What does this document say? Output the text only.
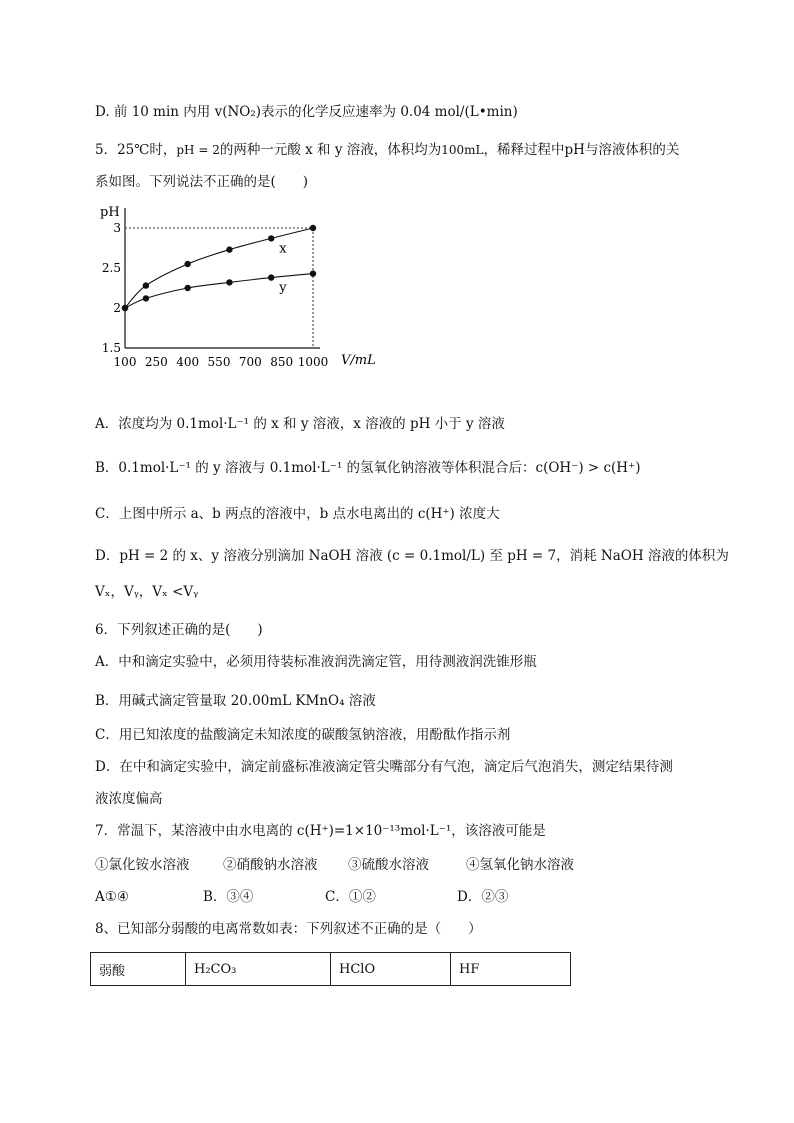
D. 前 10 min 内用 v(NO₂)表示的化学反应速率为 0.04 mol/(L•min)
5．25℃时，pH = 2的两种一元酸 x 和 y 溶液，体积均为100mL，稀释过程中pH与溶液体积的关
系如图。下列说法不正确的是(　　)
pH
V/mL
100 250 400 550 700 850 1000
1.5
2
2.5
3
x
y
A．浓度均为 0.1mol·L⁻¹ 的 x 和 y 溶液，x 溶液的 pH 小于 y 溶液
B．0.1mol·L⁻¹ 的 y 溶液与 0.1mol·L⁻¹ 的氢氧化钠溶液等体积混合后：c(OH⁻) > c(H⁺)
C．上图中所示 a、b 两点的溶液中，b 点水电离出的 c(H⁺) 浓度大
D．pH = 2 的 x、y 溶液分别滴加 NaOH 溶液 (c = 0.1mol/L) 至 pH = 7，消耗 NaOH 溶液的体积为
Vₓ，Vᵧ，Vₓ <Vᵧ
6．下列叙述正确的是(　　)
A．中和滴定实验中，必须用待装标准液润洗滴定管，用待测液润洗锥形瓶
B．用碱式滴定管量取 20.00mL KMnO₄ 溶液
C．用已知浓度的盐酸滴定未知浓度的碳酸氢钠溶液，用酚酞作指示剂
D．在中和滴定实验中，滴定前盛标准液滴定管尖嘴部分有气泡，滴定后气泡消失，测定结果待测
液浓度偏高
7．常温下，某溶液中由水电离的 c(H⁺)=1×10⁻¹³mol·L⁻¹，该溶液可能是
①氯化铵水溶液 ②硝酸钠水溶液 ③硫酸水溶液	④氢氧化钠水溶液
A①④	B．③④	C．①②	D．②③
8、已知部分弱酸的电离常数如表：下列叙述不正确的是（　　）
弱酸	H₂CO₃	HClO	HF
